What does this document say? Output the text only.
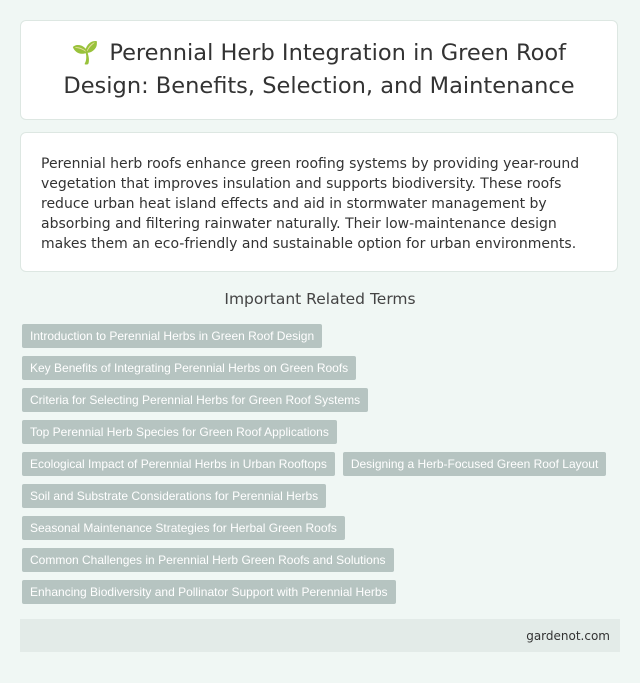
🌱 Perennial Herb Integration in Green Roof Design: Benefits, Selection, and Maintenance

Perennial herb roofs enhance green roofing systems by providing year-round vegetation that improves insulation and supports biodiversity. These roofs reduce urban heat island effects and aid in stormwater management by absorbing and filtering rainwater naturally. Their low-maintenance design makes them an eco-friendly and sustainable option for urban environments.

Important Related Terms
Introduction to Perennial Herbs in Green Roof Design
Key Benefits of Integrating Perennial Herbs on Green Roofs
Criteria for Selecting Perennial Herbs for Green Roof Systems
Top Perennial Herb Species for Green Roof Applications
Ecological Impact of Perennial Herbs in Urban Rooftops	Designing a Herb-Focused Green Roof Layout
Soil and Substrate Considerations for Perennial Herbs
Seasonal Maintenance Strategies for Herbal Green Roofs
Common Challenges in Perennial Herb Green Roofs and Solutions
Enhancing Biodiversity and Pollinator Support with Perennial Herbs
gardenot.com
